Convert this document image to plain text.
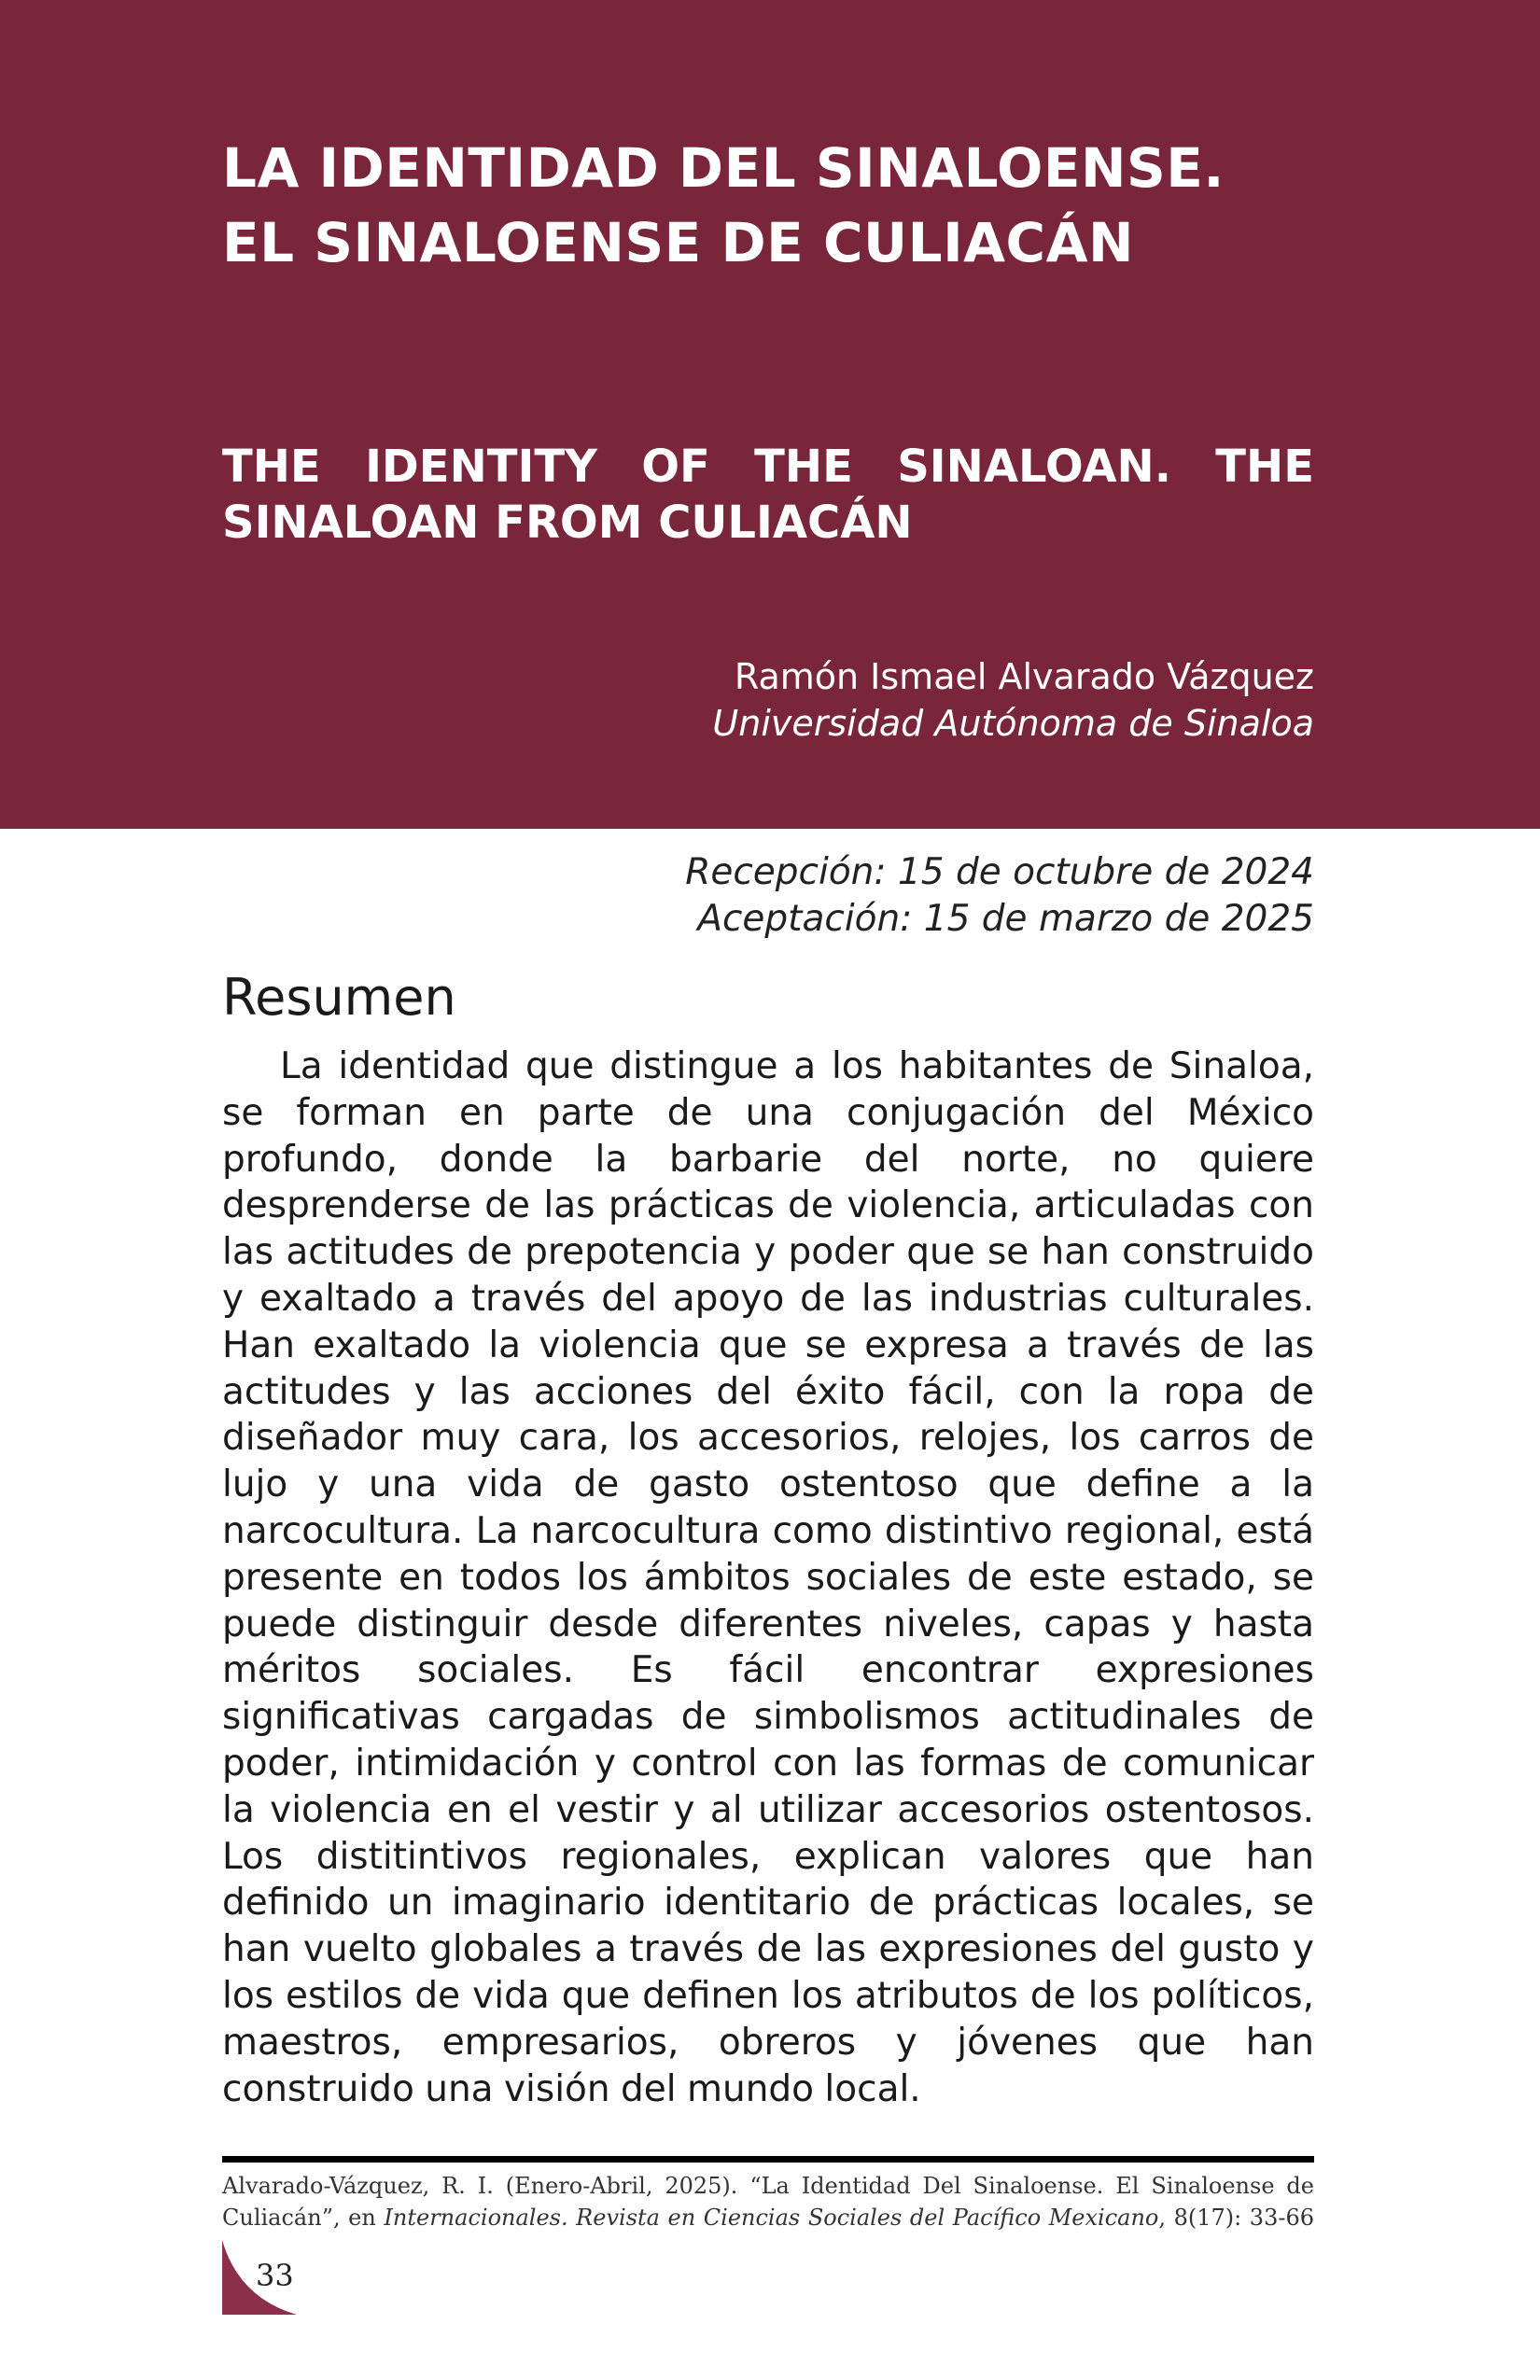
LA IDENTIDAD DEL SINALOENSE.
EL SINALOENSE DE CULIACÁN
THE IDENTITY OF THE SINALOAN. THE SINALOAN FROM CULIACÁN
Ramón Ismael Alvarado Vázquez
Universidad Autónoma de Sinaloa
Recepción: 15 de octubre de 2024
Aceptación: 15 de marzo de 2025
Resumen

La identidad que distingue a los habitantes de Sinaloa, se forman en parte de una conjugación del México profundo, donde la barbarie del norte, no quiere desprenderse de las prácticas de violencia, articuladas con las actitudes de prepotencia y poder que se han construido y exaltado a través del apoyo de las industrias culturales. Han exaltado la violencia que se expresa a través de las actitudes y las acciones del éxito fácil, con la ropa de diseñador muy cara, los accesorios, relojes, los carros de lujo y una vida de gasto ostentoso que define a la narcocultura. La narcocultura como distintivo regional, está presente en todos los ámbitos sociales de este estado, se puede distinguir desde diferentes niveles, capas y hasta méritos sociales. Es fácil encontrar expresiones significativas cargadas de simbolismos actitudinales de poder, intimidación y control con las formas de comunicar la violencia en el vestir y al utilizar accesorios ostentosos. Los distitintivos regionales, explican valores que han definido un imaginario identitario de prácticas locales, se han vuelto globales a través de las expresiones del gusto y los estilos de vida que definen los atributos de los políticos, maestros, empresarios, obreros y jóvenes que han construido una visión del mundo local.

Alvarado-Vázquez, R. I. (Enero-Abril, 2025). “La Identidad Del Sinaloense. El Sinaloense de Culiacán”, en Internacionales. Revista en Ciencias Sociales del Pacífico Mexicano, 8(17): 33-66

33
